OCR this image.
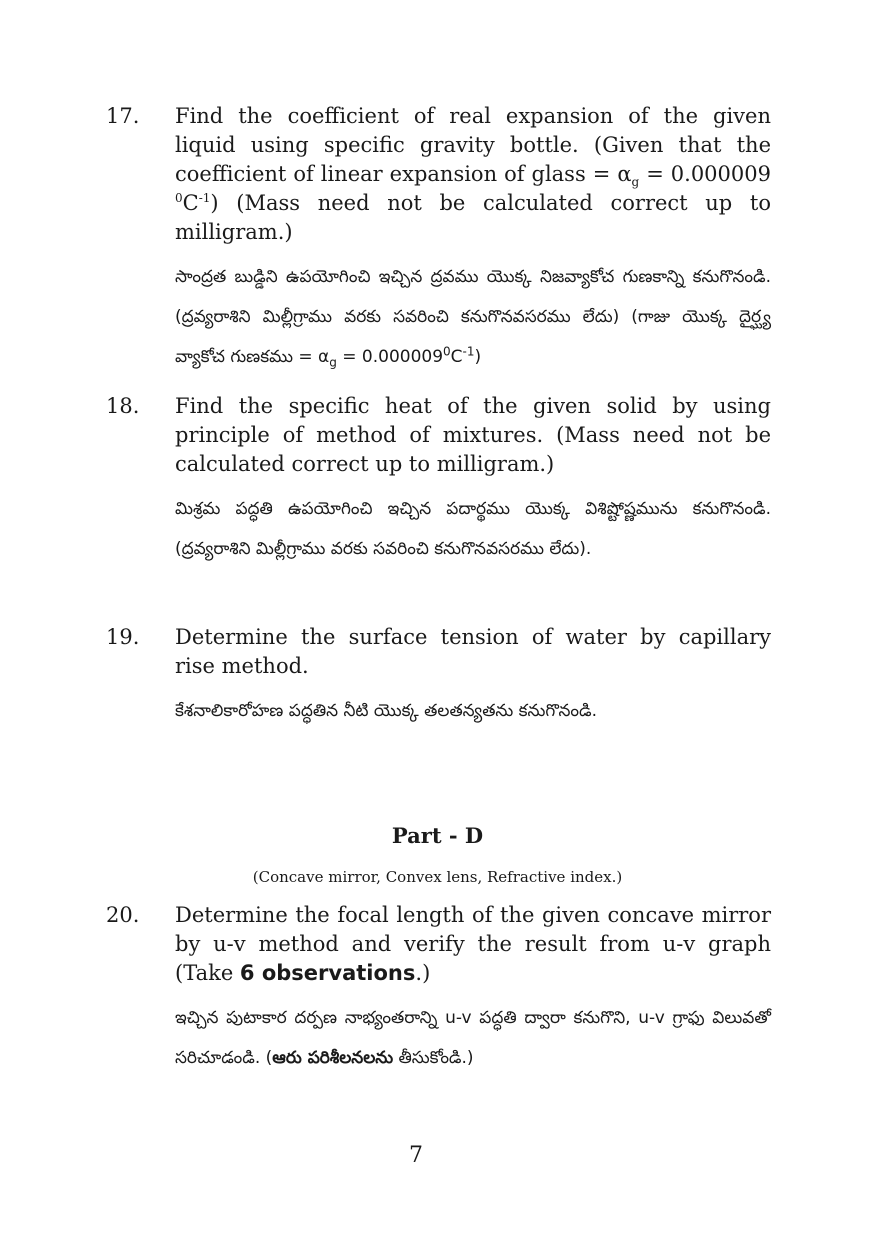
17. Find the coefficient of real expansion of the given liquid using specific gravity bottle. (Given that the coefficient of linear expansion of glass = $\alpha_g = 0.000009$ $^0C^{-1}$) (Mass need not be calculated correct up to milligram.)
సాంద్రత బుడ్డిని ఉపయోగించి ఇచ్చిన ద్రవము యొక్క నిజవ్యాకోచ గుణకాన్ని కనుగొనండి. (ద్రవ్యరాశిని మిల్లీగ్రాము వరకు సవరించి కనుగొనవసరము లేదు) (గాజు యొక్క దైర్ఘ్య వ్యాకోచ గుణకము = $\alpha_g = 0.000009^0C^{-1}$)
18. Find the specific heat of the given solid by using principle of method of mixtures. (Mass need not be calculated correct up to milligram.)
మిశ్రమ పద్ధతి ఉపయోగించి ఇచ్చిన పదార్థము యొక్క విశిష్టోష్ణమును కనుగొనండి. (ద్రవ్యరాశిని మిల్లీగ్రాము వరకు సవరించి కనుగొనవసరము లేదు).
19. Determine the surface tension of water by capillary rise method.
కేశనాలికారోహణ పద్ధతిన నీటి యొక్క తలతన్యతను కనుగొనండి.
Part - D
(Concave mirror, Convex lens, Refractive index.)
20. Determine the focal length of the given concave mirror by u-v method and verify the result from u-v graph (Take 6 observations.)
ఇచ్చిన పుటాకార దర్పణ నాభ్యంతరాన్ని u-v పద్ధతి ద్వారా కనుగొని, u-v గ్రాఫు విలువతో సరిచూడండి. (ఆరు పరిశీలనలను తీసుకోండి.)
7
